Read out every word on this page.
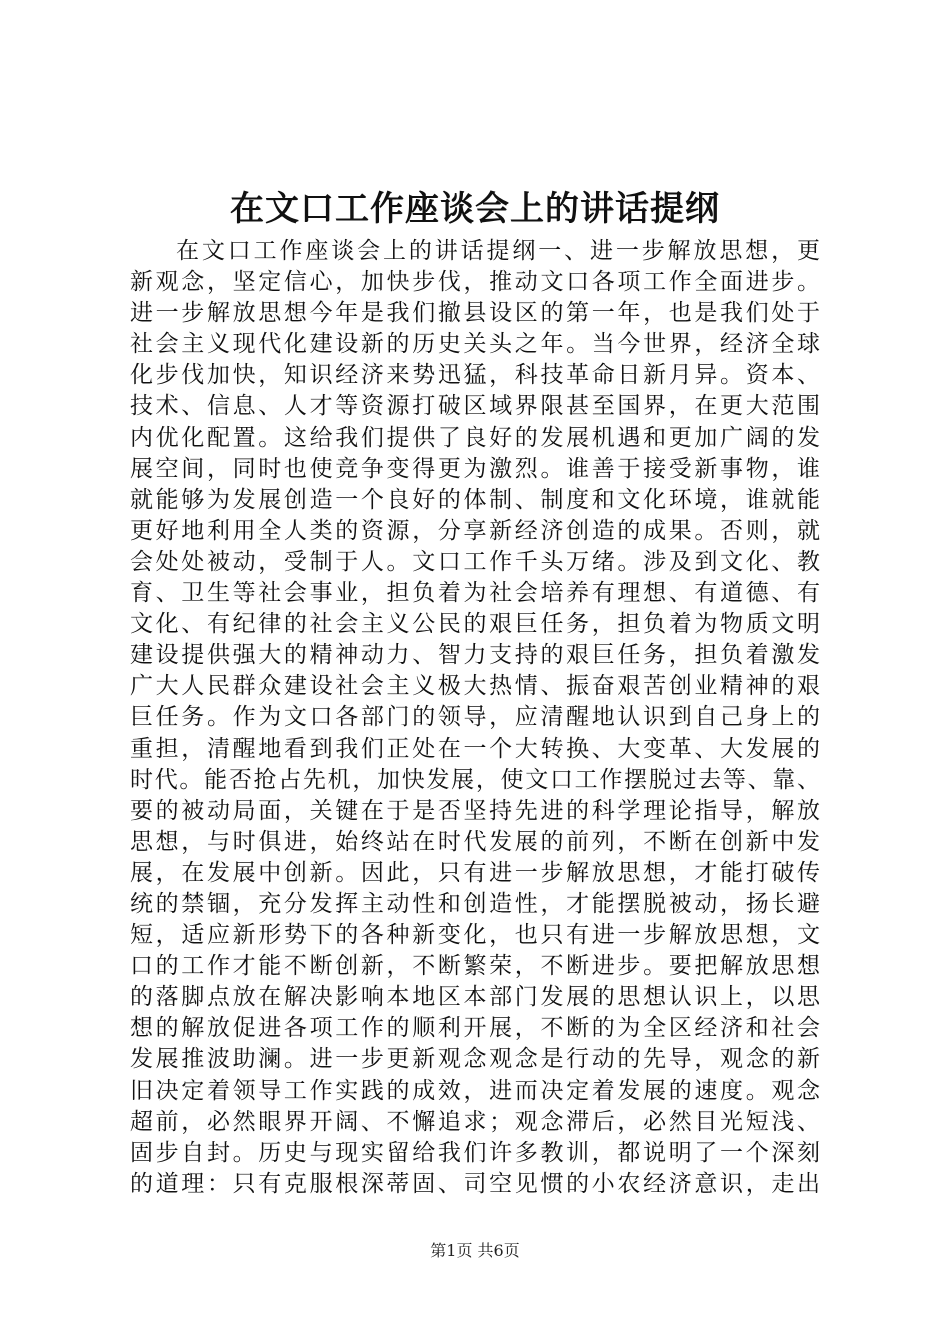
在文口工作座谈会上的讲话提纲
在文口工作座谈会上的讲话提纲一、进一步解放思想，更
新观念，坚定信心，加快步伐，推动文口各项工作全面进步。
进一步解放思想今年是我们撤县设区的第一年，也是我们处于
社会主义现代化建设新的历史关头之年。当今世界，经济全球
化步伐加快，知识经济来势迅猛，科技革命日新月异。资本、
技术、信息、人才等资源打破区域界限甚至国界，在更大范围
内优化配置。这给我们提供了良好的发展机遇和更加广阔的发
展空间，同时也使竞争变得更为激烈。谁善于接受新事物，谁
就能够为发展创造一个良好的体制、制度和文化环境，谁就能
更好地利用全人类的资源，分享新经济创造的成果。否则，就
会处处被动，受制于人。文口工作千头万绪。涉及到文化、教
育、卫生等社会事业，担负着为社会培养有理想、有道德、有
文化、有纪律的社会主义公民的艰巨任务，担负着为物质文明
建设提供强大的精神动力、智力支持的艰巨任务，担负着激发
广大人民群众建设社会主义极大热情、振奋艰苦创业精神的艰
巨任务。作为文口各部门的领导，应清醒地认识到自己身上的
重担，清醒地看到我们正处在一个大转换、大变革、大发展的
时代。能否抢占先机，加快发展，使文口工作摆脱过去等、靠、
要的被动局面，关键在于是否坚持先进的科学理论指导，解放
思想，与时俱进，始终站在时代发展的前列，不断在创新中发
展，在发展中创新。因此，只有进一步解放思想，才能打破传
统的禁锢，充分发挥主动性和创造性，才能摆脱被动，扬长避
短，适应新形势下的各种新变化，也只有进一步解放思想，文
口的工作才能不断创新，不断繁荣，不断进步。要把解放思想
的落脚点放在解决影响本地区本部门发展的思想认识上，以思
想的解放促进各项工作的顺利开展，不断的为全区经济和社会
发展推波助澜。进一步更新观念观念是行动的先导，观念的新
旧决定着领导工作实践的成效，进而决定着发展的速度。观念
超前，必然眼界开阔、不懈追求；观念滞后，必然目光短浅、
固步自封。历史与现实留给我们许多教训，都说明了一个深刻
的道理：只有克服根深蒂固、司空见惯的小农经济意识，走出
第1页 共6页
